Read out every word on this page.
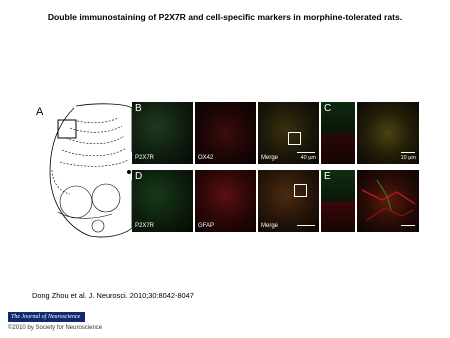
Double immunostaining of P2X7R and cell-specific markers in morphine-tolerated rats.
A	B
P2X7R	OX42	Merge	40 µm
C
10 µm
D
P2X7R	GFAP	Merge
E
Dong Zhou et al. J. Neurosci. 2010;30:8042-8047
The Journal of Neuroscience
©2010 by Society for Neuroscience
